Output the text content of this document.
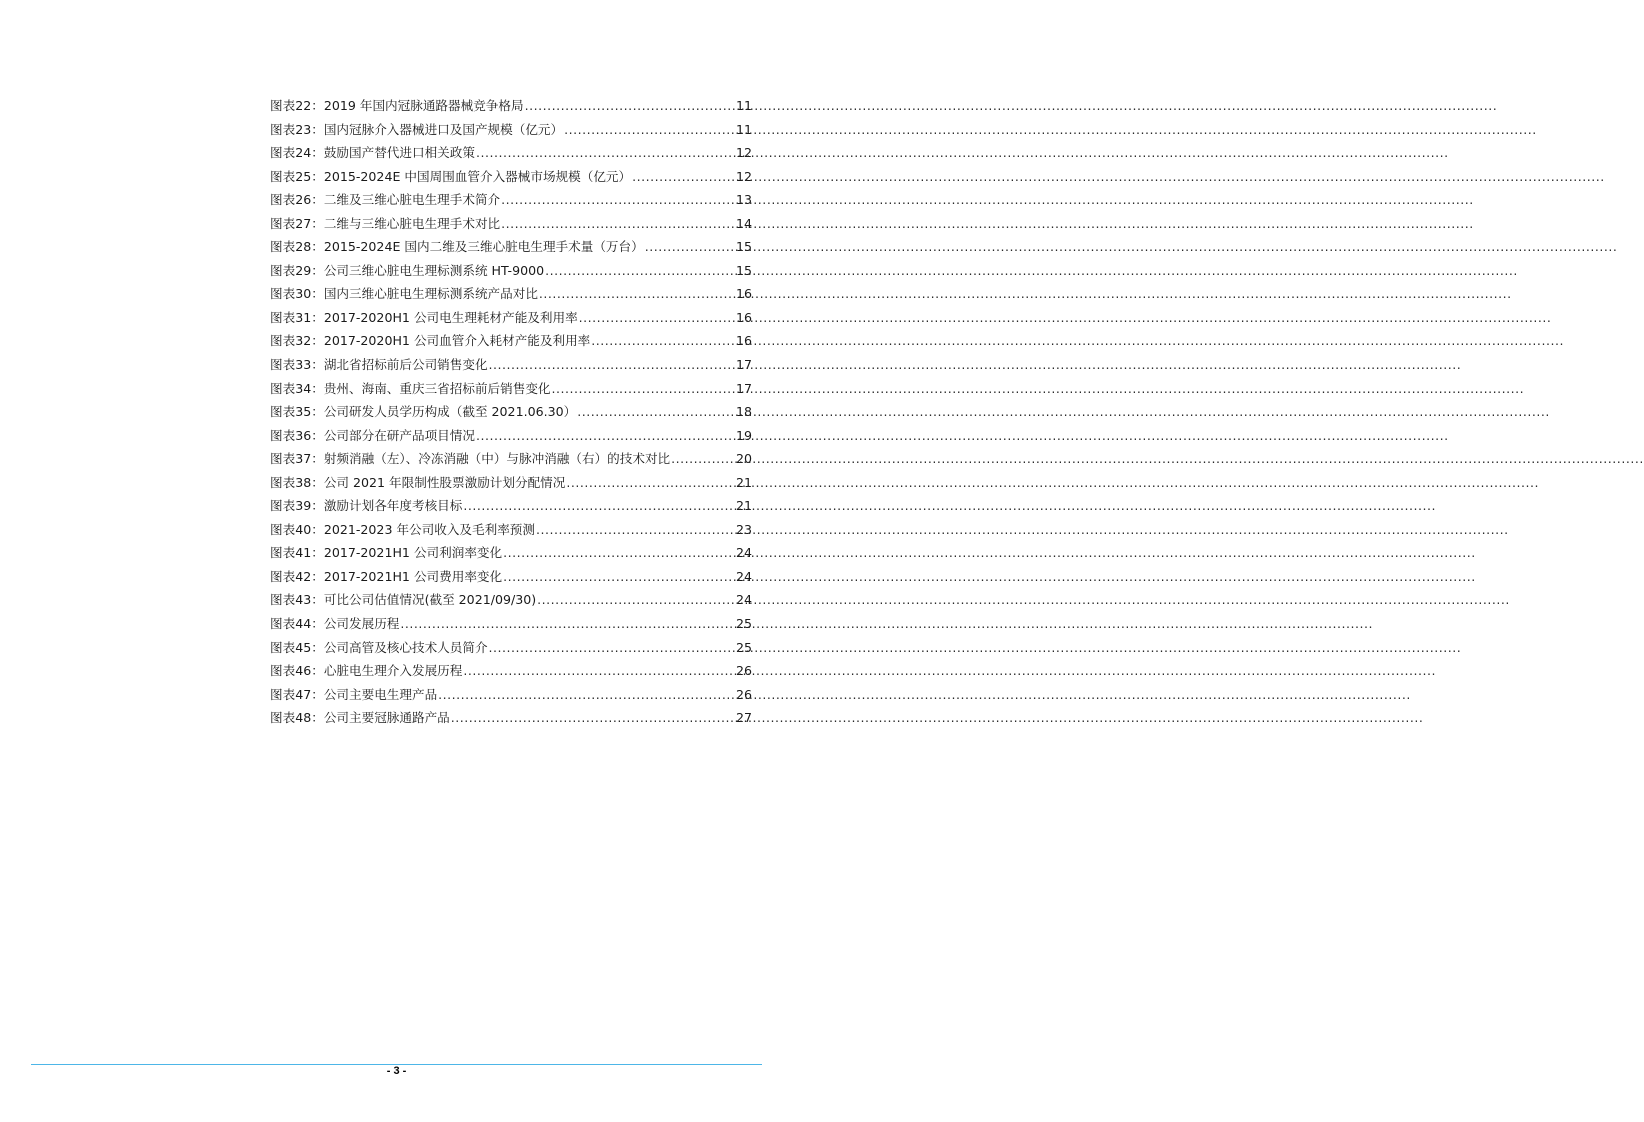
图表22： 2019 年国内冠脉通路器械竞争格局 .....	11
图表23： 国内冠脉介入器械进口及国产规模（亿元） .....	11
图表24： 鼓励国产替代进口相关政策 .....	12
图表25： 2015-2024E 中国周围血管介入器械市场规模（亿元） .....	12
图表26： 二维及三维心脏电生理手术简介 .....	13
图表27： 二维与三维心脏电生理手术对比 .....	14
图表28： 2015-2024E 国内二维及三维心脏电生理手术量（万台） .....	15
图表29： 公司三维心脏电生理标测系统 HT-9000 .....	15
图表30： 国内三维心脏电生理标测系统产品对比 .....	16
图表31： 2017-2020H1 公司电生理耗材产能及利用率 .....	16
图表32： 2017-2020H1 公司血管介入耗材产能及利用率 .....	16
图表33： 湖北省招标前后公司销售变化 .....	17
图表34： 贵州、海南、重庆三省招标前后销售变化 .....	17
图表35： 公司研发人员学历构成（截至 2021.06.30） .....	18
图表36： 公司部分在研产品项目情况 .....	19
图表37： 射频消融（左）、冷冻消融（中）与脉冲消融（右）的技术对比 .....	20
图表38： 公司 2021 年限制性股票激励计划分配情况 .....	21
图表39： 激励计划各年度考核目标 .....	21
图表40： 2021-2023 年公司收入及毛利率预测 .....	23
图表41： 2017-2021H1 公司利润率变化 .....	24
图表42： 2017-2021H1 公司费用率变化 .....	24
图表43： 可比公司估值情况(截至 2021/09/30) .....	24
图表44： 公司发展历程 .....	25
图表45： 公司高管及核心技术人员简介 .....	25
图表46： 心脏电生理介入发展历程 .....	26
图表47： 公司主要电生理产品 .....	26
图表48： 公司主要冠脉通路产品 .....	27
- 3 -
